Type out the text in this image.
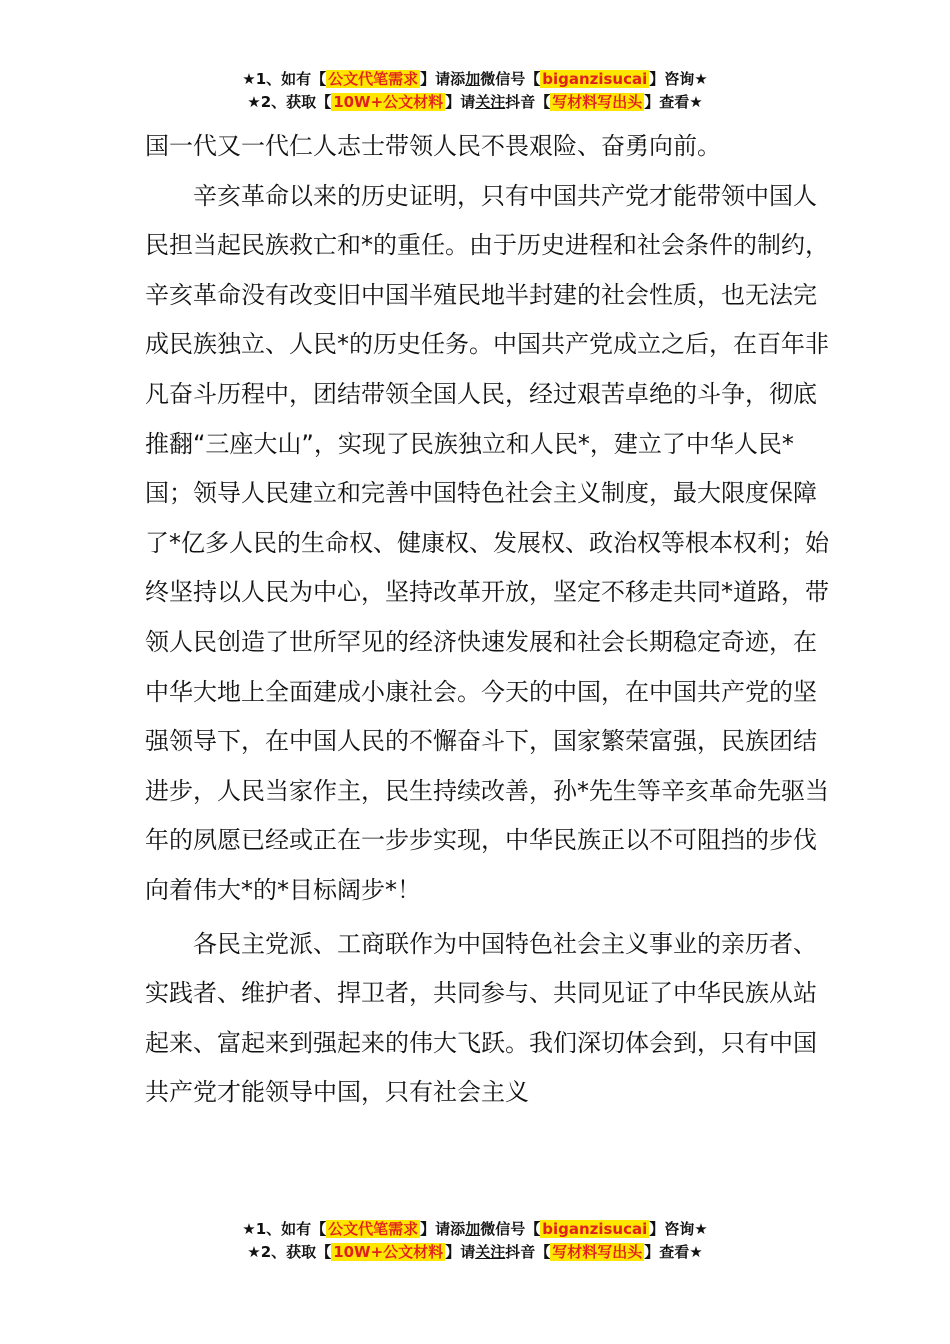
★1、如有【 公文代笔需求 】请添加微信号【 biganzisucai 】咨询★
★2、获取【 10W+公文材料 】请关注抖音【 写材料写出头 】查看★

国一代又一代仁人志士带领人民不畏艰险、奋勇向前。

辛亥革命以来的历史证明，只有中国共产党才能带领中国人民担当起民族救亡和*的重任。由于历史进程和社会条件的制约，辛亥革命没有改变旧中国半殖民地半封建的社会性质，也无法完成民族独立、人民*的历史任务。中国共产党成立之后，在百年非凡奋斗历程中，团结带领全国人民，经过艰苦卓绝的斗争，彻底推翻“三座大山”，实现了民族独立和人民*，建立了中华人民*国；领导人民建立和完善中国特色社会主义制度，最大限度保障了*亿多人民的生命权、健康权、发展权、政治权等根本权利；始终坚持以人民为中心，坚持改革开放，坚定不移走共同*道路，带领人民创造了世所罕见的经济快速发展和社会长期稳定奇迹，在中华大地上全面建成小康社会。今天的中国，在中国共产党的坚强领导下，在中国人民的不懈奋斗下，国家繁荣富强，民族团结进步，人民当家作主，民生持续改善，孙*先生等辛亥革命先驱当年的夙愿已经或正在一步步实现，中华民族正以不可阻挡的步伐向着伟大*的*目标阔步*！

各民主党派、工商联作为中国特色社会主义事业的亲历者、实践者、维护者、捍卫者，共同参与、共同见证了中华民族从站起来、富起来到强起来的伟大飞跃。我们深切体会到，只有中国共产党才能领导中国，只有社会主义

★1、如有【 公文代笔需求 】请添加微信号【 biganzisucai 】咨询★
★2、获取【 10W+公文材料 】请关注抖音【 写材料写出头 】查看★
